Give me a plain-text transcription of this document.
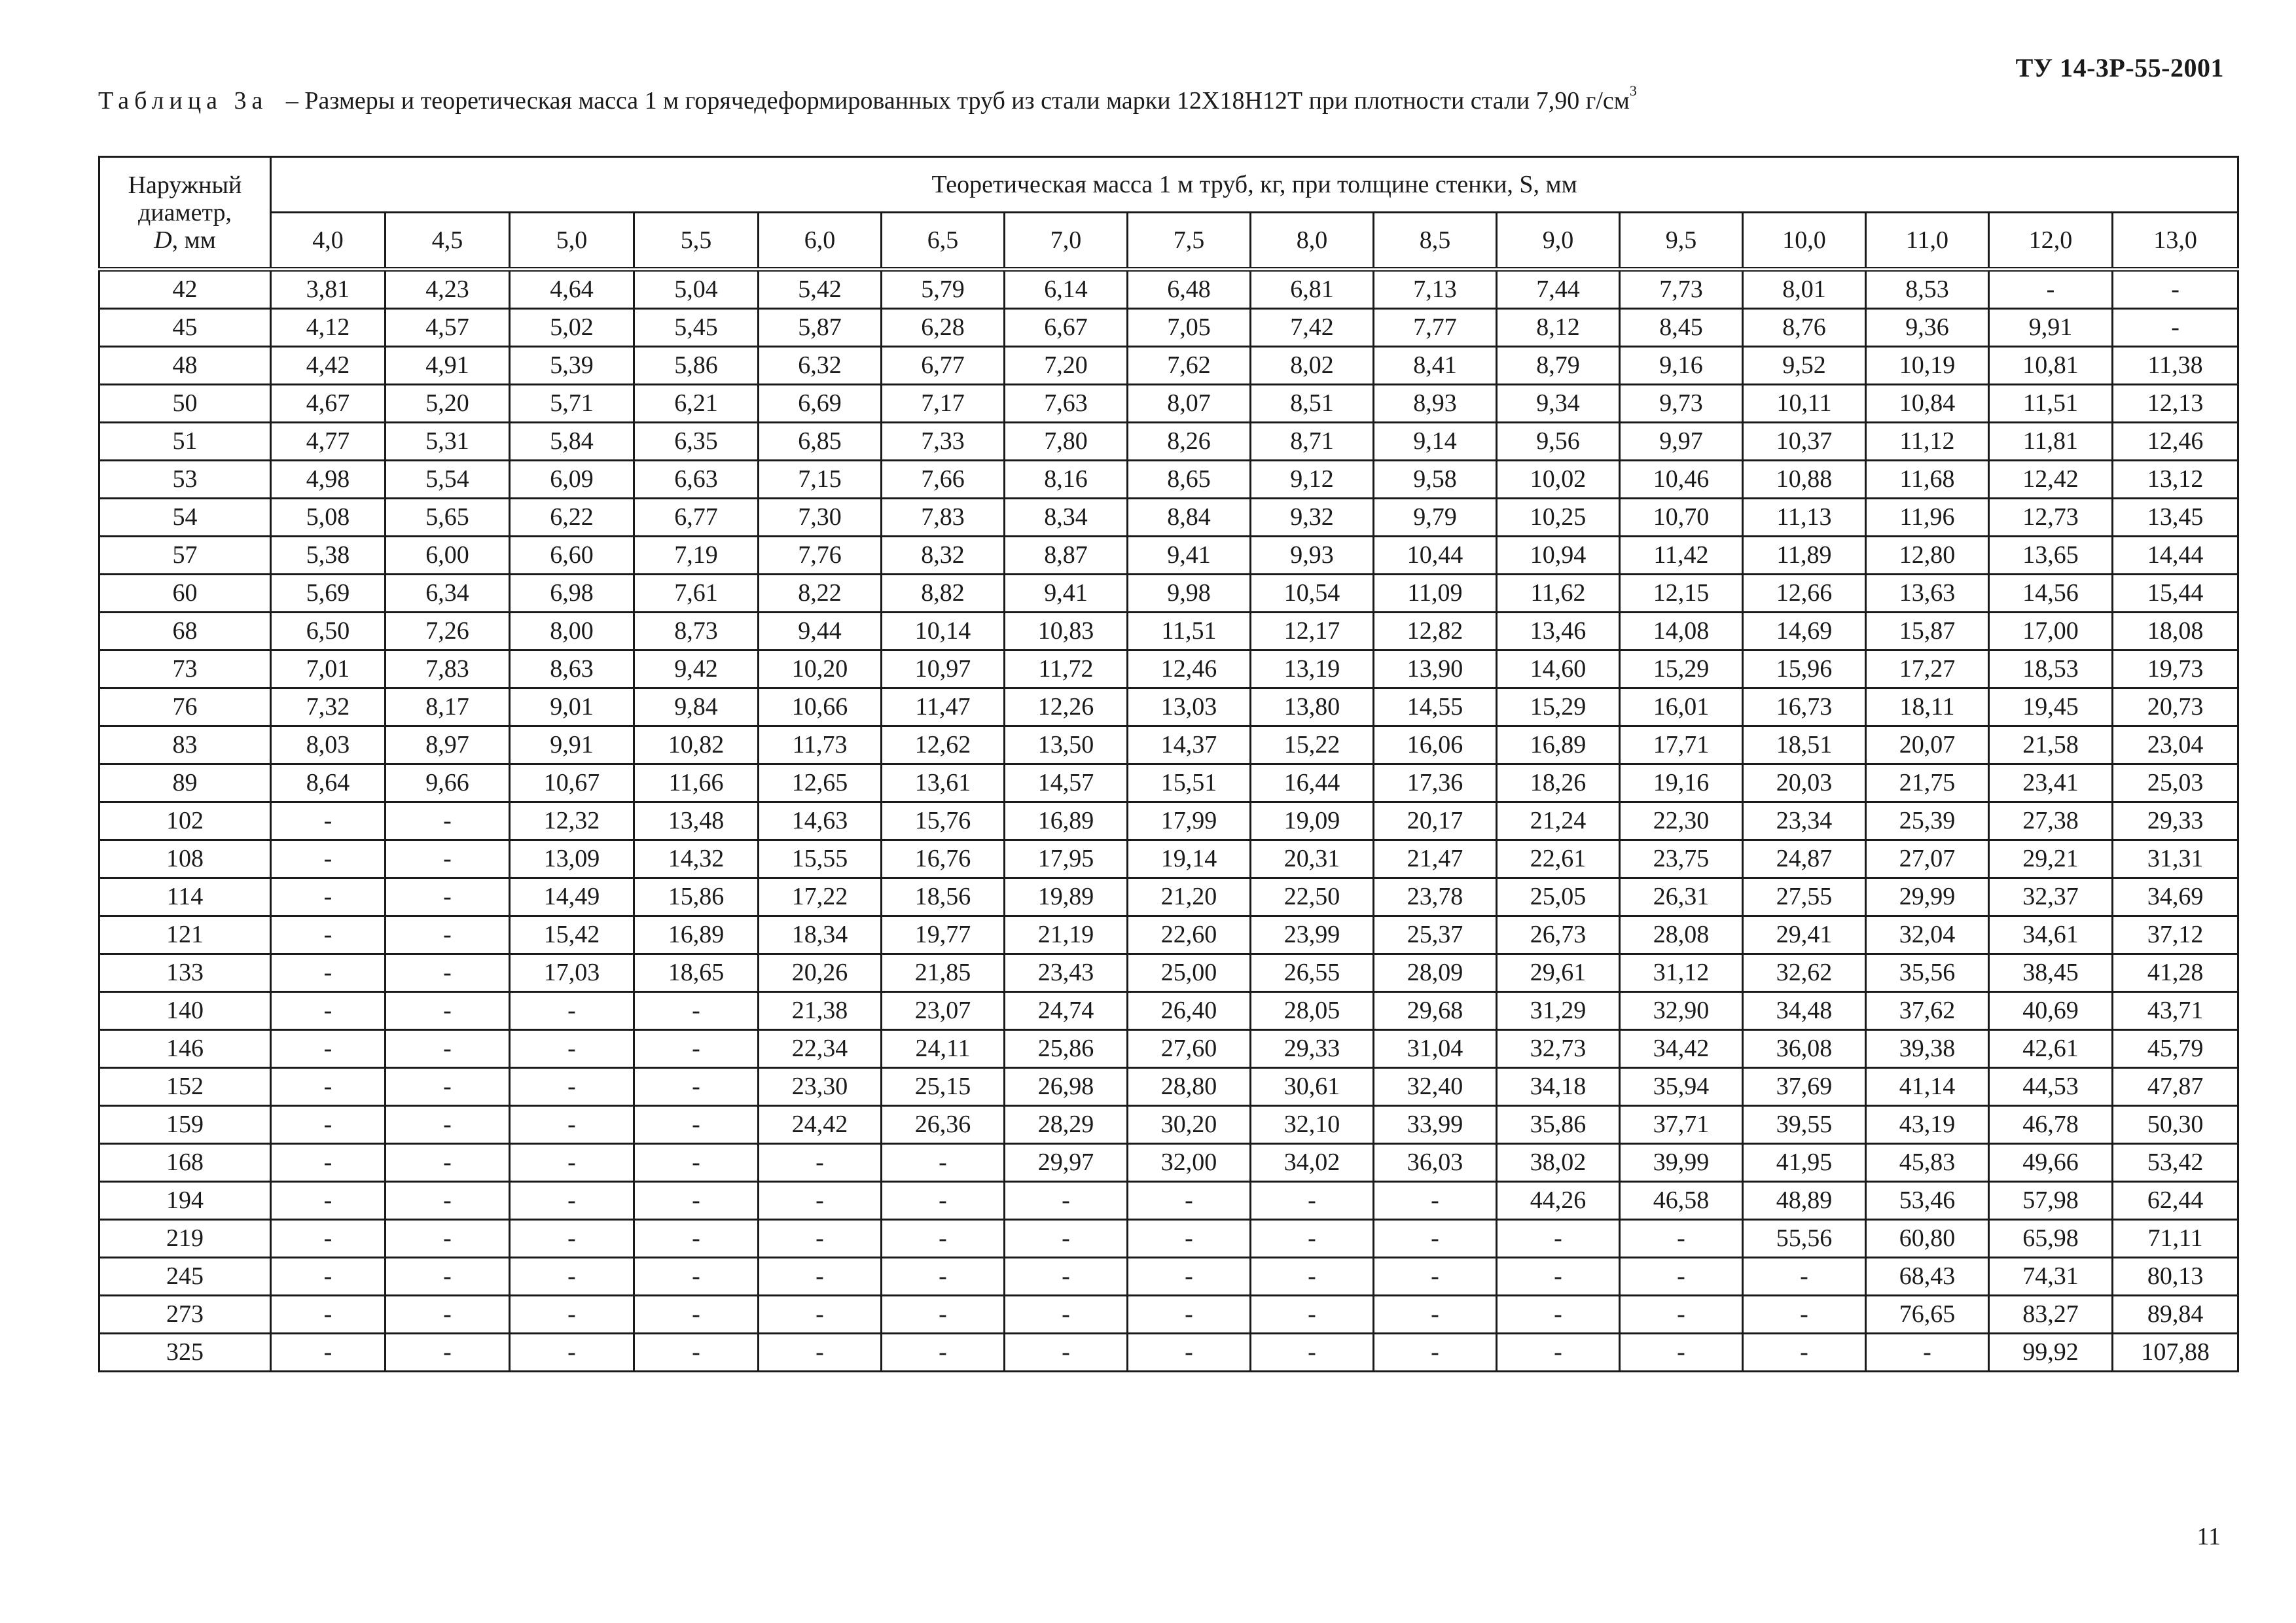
ТУ 14-3Р-55-2001
Таблица 3а – Размеры и теоретическая масса 1 м горячедеформированных труб из стали марки 12Х18Н12Т при плотности стали 7,90 $г/см^3$
Наружный
диаметр,
D, мм	Теоретическая масса 1 м труб, кг, при толщине стенки, S, мм															
	4,0	4,5	5,0	5,5	6,0	6,5	7,0	7,5	8,0	8,5	9,0	9,5	10,0	11,0	12,0	13,0
42	3,81	4,23	4,64	5,04	5,42	5,79	6,14	6,48	6,81	7,13	7,44	7,73	8,01	8,53	-	-
45	4,12	4,57	5,02	5,45	5,87	6,28	6,67	7,05	7,42	7,77	8,12	8,45	8,76	9,36	9,91	-
48	4,42	4,91	5,39	5,86	6,32	6,77	7,20	7,62	8,02	8,41	8,79	9,16	9,52	10,19	10,81	11,38
50	4,67	5,20	5,71	6,21	6,69	7,17	7,63	8,07	8,51	8,93	9,34	9,73	10,11	10,84	11,51	12,13
51	4,77	5,31	5,84	6,35	6,85	7,33	7,80	8,26	8,71	9,14	9,56	9,97	10,37	11,12	11,81	12,46
53	4,98	5,54	6,09	6,63	7,15	7,66	8,16	8,65	9,12	9,58	10,02	10,46	10,88	11,68	12,42	13,12
54	5,08	5,65	6,22	6,77	7,30	7,83	8,34	8,84	9,32	9,79	10,25	10,70	11,13	11,96	12,73	13,45
57	5,38	6,00	6,60	7,19	7,76	8,32	8,87	9,41	9,93	10,44	10,94	11,42	11,89	12,80	13,65	14,44
60	5,69	6,34	6,98	7,61	8,22	8,82	9,41	9,98	10,54	11,09	11,62	12,15	12,66	13,63	14,56	15,44
68	6,50	7,26	8,00	8,73	9,44	10,14	10,83	11,51	12,17	12,82	13,46	14,08	14,69	15,87	17,00	18,08
73	7,01	7,83	8,63	9,42	10,20	10,97	11,72	12,46	13,19	13,90	14,60	15,29	15,96	17,27	18,53	19,73
76	7,32	8,17	9,01	9,84	10,66	11,47	12,26	13,03	13,80	14,55	15,29	16,01	16,73	18,11	19,45	20,73
83	8,03	8,97	9,91	10,82	11,73	12,62	13,50	14,37	15,22	16,06	16,89	17,71	18,51	20,07	21,58	23,04
89	8,64	9,66	10,67	11,66	12,65	13,61	14,57	15,51	16,44	17,36	18,26	19,16	20,03	21,75	23,41	25,03
102	-	-	12,32	13,48	14,63	15,76	16,89	17,99	19,09	20,17	21,24	22,30	23,34	25,39	27,38	29,33
108	-	-	13,09	14,32	15,55	16,76	17,95	19,14	20,31	21,47	22,61	23,75	24,87	27,07	29,21	31,31
114	-	-	14,49	15,86	17,22	18,56	19,89	21,20	22,50	23,78	25,05	26,31	27,55	29,99	32,37	34,69
121	-	-	15,42	16,89	18,34	19,77	21,19	22,60	23,99	25,37	26,73	28,08	29,41	32,04	34,61	37,12
133	-	-	17,03	18,65	20,26	21,85	23,43	25,00	26,55	28,09	29,61	31,12	32,62	35,56	38,45	41,28
140	-	-	-	-	21,38	23,07	24,74	26,40	28,05	29,68	31,29	32,90	34,48	37,62	40,69	43,71
146	-	-	-	-	22,34	24,11	25,86	27,60	29,33	31,04	32,73	34,42	36,08	39,38	42,61	45,79
152	-	-	-	-	23,30	25,15	26,98	28,80	30,61	32,40	34,18	35,94	37,69	41,14	44,53	47,87
159	-	-	-	-	24,42	26,36	28,29	30,20	32,10	33,99	35,86	37,71	39,55	43,19	46,78	50,30
168	-	-	-	-	-	-	29,97	32,00	34,02	36,03	38,02	39,99	41,95	45,83	49,66	53,42
194	-	-	-	-	-	-	-	-	-	-	44,26	46,58	48,89	53,46	57,98	62,44
219	-	-	-	-	-	-	-	-	-	-	-	-	55,56	60,80	65,98	71,11
245	-	-	-	-	-	-	-	-	-	-	-	-	-	68,43	74,31	80,13
273	-	-	-	-	-	-	-	-	-	-	-	-	-	76,65	83,27	89,84
325	-	-	-	-	-	-	-	-	-	-	-	-	-	-	99,92	107,88
11
